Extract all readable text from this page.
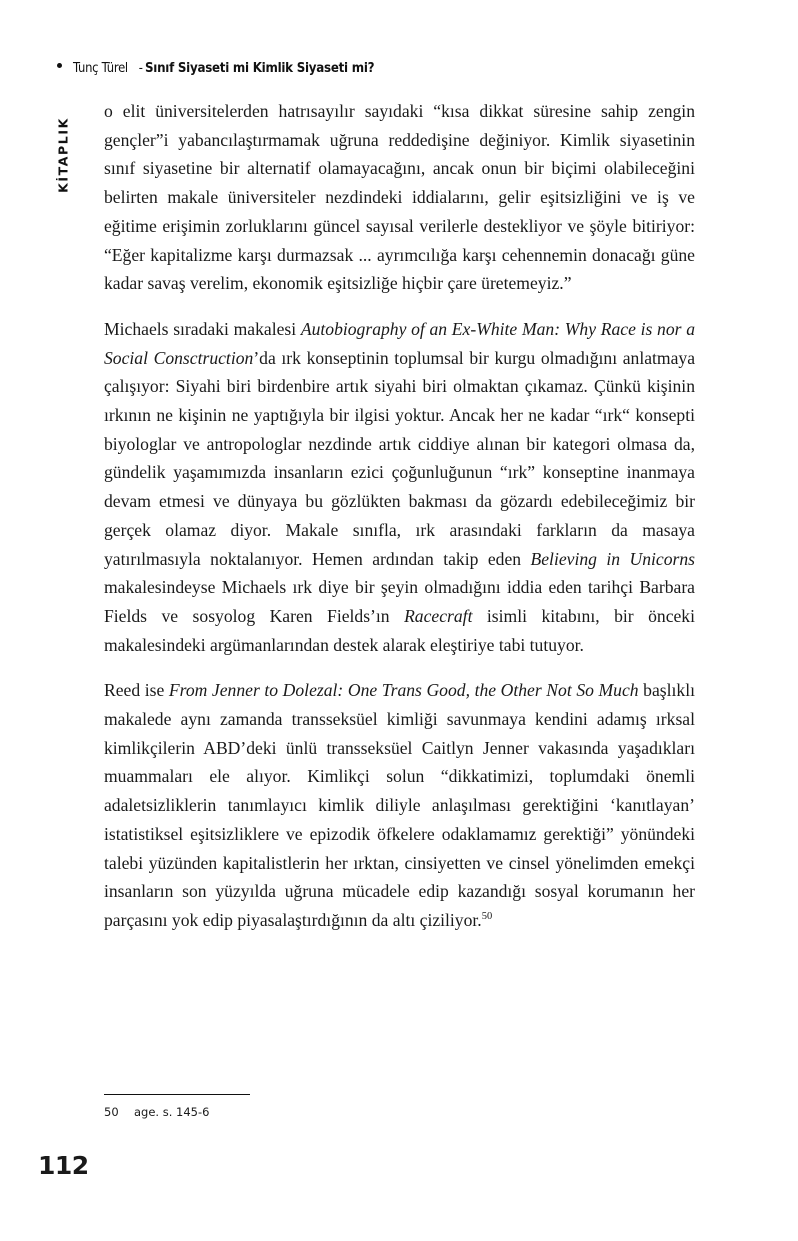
Tunç Türel - Sınıf Siyaseti mi Kimlik Siyaseti mi?
KİTAPLIK

o elit üniversitelerden hatrısayılır sayıdaki “kısa dikkat süresine sahip zengin gençler”i yabancılaştırmamak uğruna reddedişine değiniyor. Kimlik siyasetinin sınıf siyasetine bir alternatif olamayacağını, ancak onun bir biçimi olabileceğini belirten makale üniversiteler nezdindeki iddialarını, gelir eşitsizliğini ve iş ve eğitime erişimin zorluklarını güncel sayısal verilerle destekliyor ve şöyle bitiriyor: “Eğer kapitalizme karşı durmazsak ... ayrımcılığa karşı cehennemin donacağı güne kadar savaş verelim, ekonomik eşitsizliğe hiçbir çare üretemeyiz.”

Michaels sıradaki makalesi Autobiography of an Ex-White Man: Why Race is nor a Social Consctruction’da ırk konseptinin toplumsal bir kurgu olmadığını anlatmaya çalışıyor: Siyahi biri birdenbire artık siyahi biri olmaktan çıkamaz. Çünkü kişinin ırkının ne kişinin ne yaptığıyla bir ilgisi yoktur. Ancak her ne kadar “ırk“ konsepti biyologlar ve antropologlar nezdinde artık ciddiye alınan bir kategori olmasa da, gündelik yaşamımızda insanların ezici çoğunluğunun “ırk” konseptine inanmaya devam etmesi ve dünyaya bu gözlükten bakması da gözardı edebileceğimiz bir gerçek olamaz diyor. Makale sınıfla, ırk arasındaki farkların da masaya yatırılmasıyla noktalanıyor. Hemen ardından takip eden Believing in Unicorns makalesindeyse Michaels ırk diye bir şeyin olmadığını iddia eden tarihçi Barbara Fields ve sosyolog Karen Fields’ın Racecraft isimli kitabını, bir önceki makalesindeki argümanlarından destek alarak eleştiriye tabi tutuyor.

Reed ise From Jenner to Dolezal: One Trans Good, the Other Not So Much başlıklı makalede aynı zamanda transseksüel kimliği savunmaya kendini adamış ırksal kimlikçilerin ABD’deki ünlü transseksüel Caitlyn Jenner vakasında yaşadıkları muammaları ele alıyor. Kimlikçi solun “dikkatimizi, toplumdaki önemli adaletsizliklerin tanımlayıcı kimlik diliyle anlaşılması gerektiğini ‘kanıtlayan’ istatistiksel eşitsizliklere ve epizodik öfkelere odaklamamız gerektiği” yönündeki talebi yüzünden kapitalistlerin her ırktan, cinsiyetten ve cinsel yönelimden emekçi insanların son yüzyılda uğruna mücadele edip kazandığı sosyal korumanın her parçasını yok edip piyasalaştırdığının da altı çiziliyor.$^{50}$

50	age. s. 145-6
112
